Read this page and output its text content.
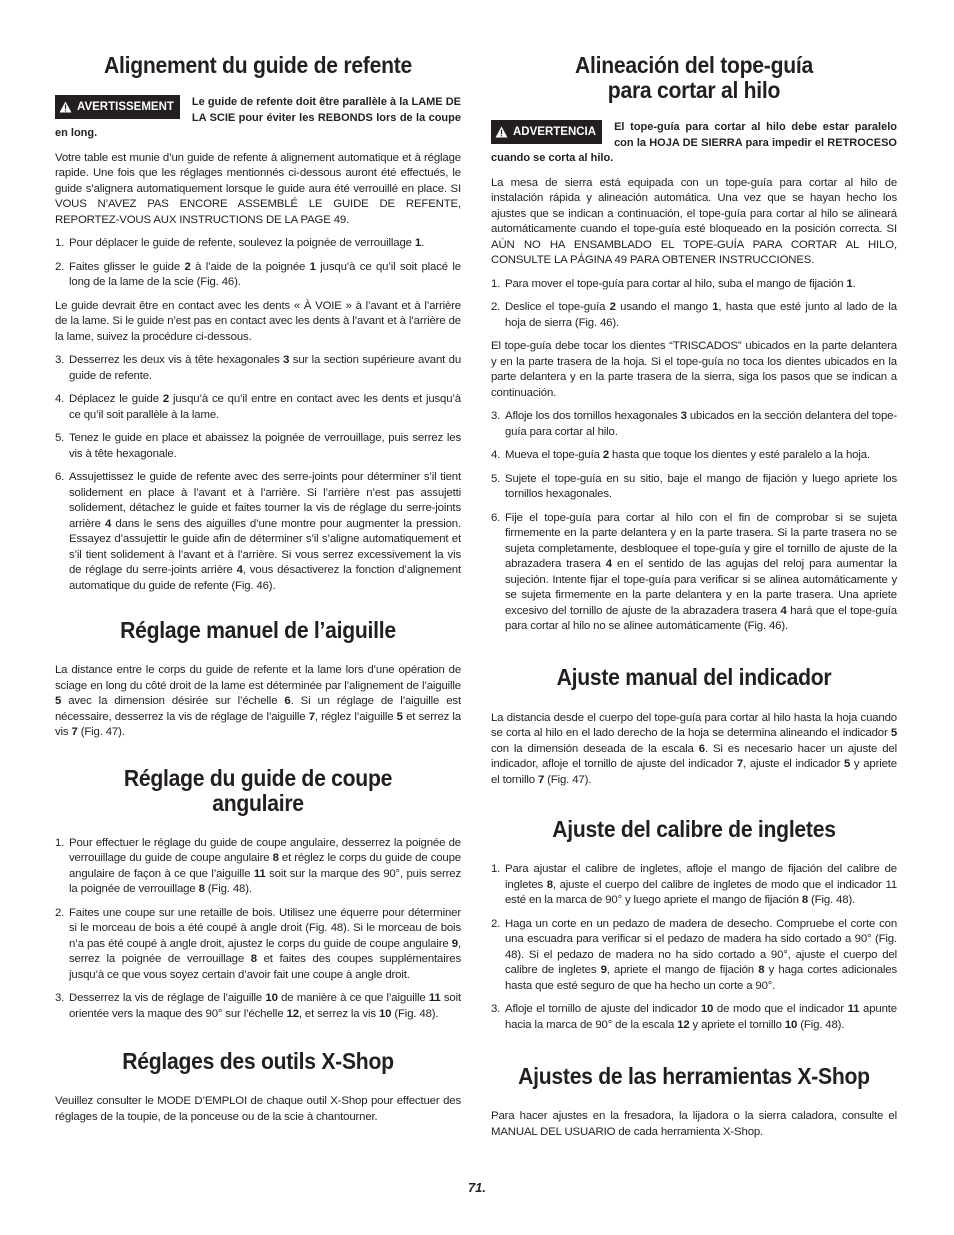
Alignement du guide de refente
AVERTISSEMENT Le guide de refente doit être parallèle à la LAME DE LA SCIE pour éviter les REBONDS lors de la coupe en long.

Votre table est munie d’un guide de refente à alignement automatique et à réglage rapide. Une fois que les réglages mentionnés ci-dessous auront été effectués, le guide s’alignera automatiquement lorsque le guide aura été verrouillé en place. SI VOUS N’AVEZ PAS ENCORE ASSEMBLÉ LE GUIDE DE REFENTE, REPORTEZ-VOUS AUX INSTRUCTIONS DE LA PAGE 49.

1. Pour déplacer le guide de refente, soulevez la poignée de verrouillage 1.
2. Faites glisser le guide 2 à l’aide de la poignée 1 jusqu’à ce qu’il soit placé le long de la lame de la scie (Fig. 46).

Le guide devrait être en contact avec les dents « À VOIE » à l’avant et à l’arrière de la lame. Si le guide n’est pas en contact avec les dents à l’avant et à l’arrière de la lame, suivez la procédure ci-dessous.

3. Desserrez les deux vis à tête hexagonales 3 sur la section supérieure avant du guide de refente.
4. Déplacez le guide 2 jusqu’à ce qu’il entre en contact avec les dents et jusqu’à ce qu’il soit parallèle à la lame.
5. Tenez le guide en place et abaissez la poignée de verrouillage, puis serrez les vis à tête hexagonale.
6. Assujettissez le guide de refente avec des serre-joints pour déterminer s’il tient solidement en place à l’avant et à l’arrière. Si l’arrière n’est pas assujetti solidement, détachez le guide et faites tourner la vis de réglage du serre-joints arrière 4 dans le sens des aiguilles d’une montre pour augmenter la pression. Essayez d’assujettir le guide afin de déterminer s’il s’aligne automatiquement et s’il tient solidement à l’avant et à l’arrière. Si vous serrez excessivement la vis de réglage du serre-joints arrière 4, vous désactiverez la fonction d’alignement automatique du guide de refente (Fig. 46).
Réglage manuel de l’aiguille

La distance entre le corps du guide de refente et la lame lors d’une opération de sciage en long du côté droit de la lame est déterminée par l’alignement de l’aiguille 5 avec la dimension désirée sur l’échelle 6. Si un réglage de l’aiguille est nécessaire, desserrez la vis de réglage de l’aiguille 7, réglez l’aiguille 5 et serrez la vis 7 (Fig. 47).

Réglage du guide de coupe angulaire
1. Pour effectuer le réglage du guide de coupe angulaire, desserrez la poignée de verrouillage du guide de coupe angulaire 8 et réglez le corps du guide de coupe angulaire de façon à ce que l’aiguille 11 soit sur la marque des 90°, puis serrez la poignée de verrouillage 8 (Fig. 48).
2. Faites une coupe sur une retaille de bois. Utilisez une équerre pour déterminer si le morceau de bois a été coupé à angle droit (Fig. 48). Si le morceau de bois n’a pas été coupé à angle droit, ajustez le corps du guide de coupe angulaire 9, serrez la poignée de verrouillage 8 et faites des coupes supplémentaires jusqu’à ce que vous soyez certain d’avoir fait une coupe à angle droit.
3. Desserrez la vis de réglage de l’aiguille 10 de manière à ce que l’aiguille 11 soit orientée vers la maque des 90° sur l’échelle 12, et serrez la vis 10 (Fig. 48).
Réglages des outils X-Shop

Veuillez consulter le MODE D’EMPLOI de chaque outil X-Shop pour effectuer des réglages de la toupie, de la ponceuse ou de la scie à chantourner.

Alineación del tope-guía
para cortar al hilo
ADVERTENCIA El tope-guía para cortar al hilo debe estar paralelo con la HOJA DE SIERRA para impedir el RETROCESO cuando se corta al hilo.

La mesa de sierra está equipada con un tope-guía para cortar al hilo de instalación rápida y alineación automática. Una vez que se hayan hecho los ajustes que se indican a continuación, el tope-guía para cortar al hilo se alineará automáticamente cuando el tope-guía esté bloqueado en la posición correcta. SI AÚN NO HA ENSAMBLADO EL TOPE-GUÍA PARA CORTAR AL HILO, CONSULTE LA PÁGINA 49 PARA OBTENER INSTRUCCIONES.

1. Para mover el tope-guía para cortar al hilo, suba el mango de fijación 1.
2. Deslice el tope-guía 2 usando el mango 1, hasta que esté junto al lado de la hoja de sierra (Fig. 46).

El tope-guía debe tocar los dientes “TRISCADOS” ubicados en la parte delantera y en la parte trasera de la hoja. Si el tope-guía no toca los dientes ubicados en la parte delantera y en la parte trasera de la sierra, siga los pasos que se indican a continuación.

3. Afloje los dos tornillos hexagonales 3 ubicados en la sección delantera del tope-guía para cortar al hilo.
4. Mueva el tope-guía 2 hasta que toque los dientes y esté paralelo a la hoja.
5. Sujete el tope-guía en su sitio, baje el mango de fijación y luego apriete los tornillos hexagonales.
6. Fije el tope-guía para cortar al hilo con el fin de comprobar si se sujeta firmemente en la parte delantera y en la parte trasera. Si la parte trasera no se sujeta completamente, desbloquee el tope-guía y gire el tornillo de ajuste de la abrazadera trasera 4 en el sentido de las agujas del reloj para aumentar la sujeción. Intente fijar el tope-guía para verificar si se alinea automáticamente y se sujeta firmemente en la parte delantera y en la parte trasera. Una apriete excesivo del tornillo de ajuste de la abrazadera trasera 4 hará que el tope-guía para cortar al hilo no se alinee automáticamente (Fig. 46).
Ajuste manual del indicador

La distancia desde el cuerpo del tope-guía para cortar al hilo hasta la hoja cuando se corta al hilo en el lado derecho de la hoja se determina alineando el indicador 5 con la dimensión deseada de la escala 6. Si es necesario hacer un ajuste del indicador, afloje el tornillo de ajuste del indicador 7, ajuste el indicador 5 y apriete el tornillo 7 (Fig. 47).

Ajuste del calibre de ingletes
1. Para ajustar el calibre de ingletes, afloje el mango de fijación del calibre de ingletes 8, ajuste el cuerpo del calibre de ingletes de modo que el indicador 11 esté en la marca de 90° y luego apriete el mango de fijación 8 (Fig. 48).
2. Haga un corte en un pedazo de madera de desecho. Compruebe el corte con una escuadra para verificar si el pedazo de madera ha sido cortado a 90° (Fig. 48). Si el pedazo de madera no ha sido cortado a 90°, ajuste el cuerpo del calibre de ingletes 9, apriete el mango de fijación 8 y haga cortes adicionales hasta que esté seguro de que ha hecho un corte a 90°.
3. Afloje el tornillo de ajuste del indicador 10 de modo que el indicador 11 apunte hacia la marca de 90° de la escala 12 y apriete el tornillo 10 (Fig. 48).
Ajustes de las herramientas X-Shop

Para hacer ajustes en la fresadora, la lijadora o la sierra caladora, consulte el MANUAL DEL USUARIO de cada herramienta X-Shop.

71.
